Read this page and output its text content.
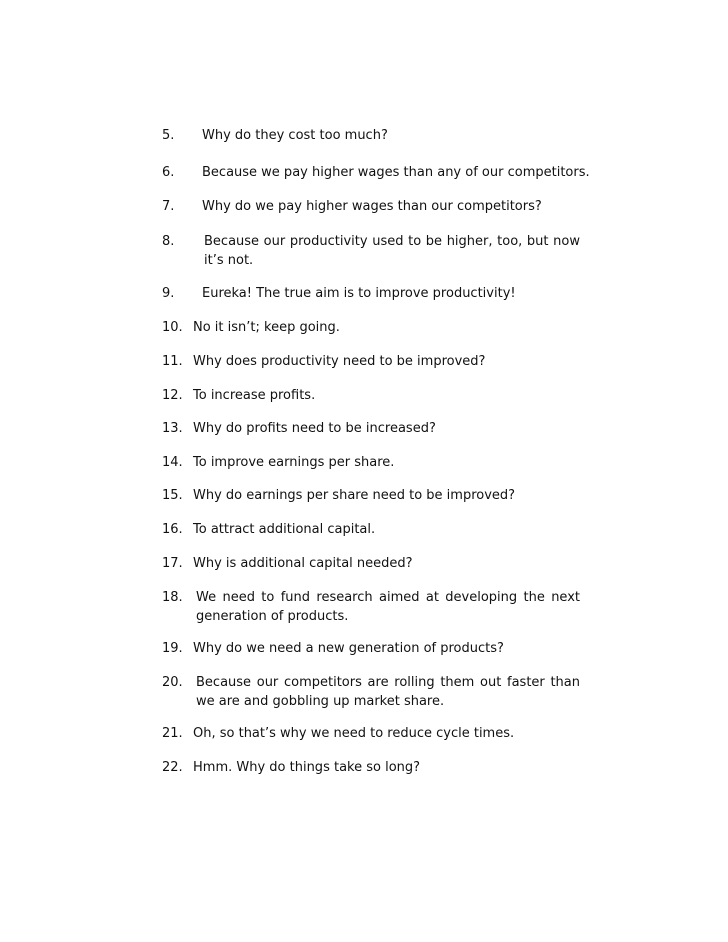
5. Why do they cost too much?
6. Because we pay higher wages than any of our competitors.
7. Why do we pay higher wages than our competitors?
8. Because our productivity used to be higher, too, but now it’s not.
9. Eureka! The true aim is to improve productivity!
10. No it isn’t; keep going.
11. Why does productivity need to be improved?
12. To increase profits.
13. Why do profits need to be increased?
14. To improve earnings per share.
15. Why do earnings per share need to be improved?
16. To attract additional capital.
17. Why is additional capital needed?
18. We need to fund research aimed at developing the next generation of products.
19. Why do we need a new generation of products?
20. Because our competitors are rolling them out faster than we are and gobbling up market share.
21. Oh, so that’s why we need to reduce cycle times.
22. Hmm. Why do things take so long?
